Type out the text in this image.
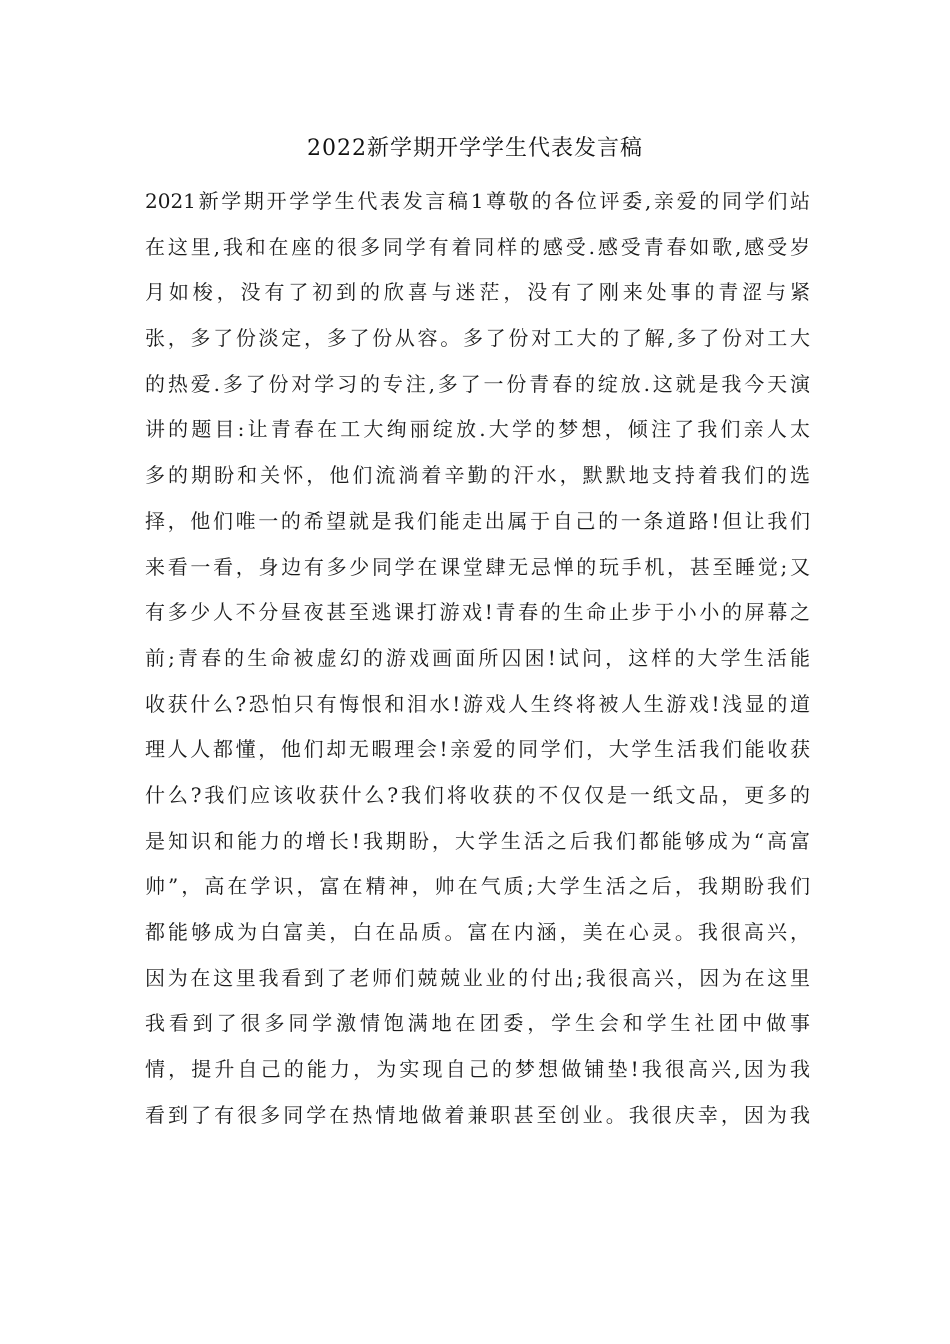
2022新学期开学学生代表发言稿
2021新学期开学学生代表发言稿1尊敬的各位评委,亲爱的同学们站
在这里,我和在座的很多同学有着同样的感受.感受青春如歌,感受岁
月如梭，没有了初到的欣喜与迷茫，没有了刚来处事的青涩与紧
张，多了份淡定，多了份从容。多了份对工大的了解,多了份对工大
的热爱.多了份对学习的专注,多了一份青春的绽放.这就是我今天演
讲的题目:让青春在工大绚丽绽放.大学的梦想，倾注了我们亲人太
多的期盼和关怀，他们流淌着辛勤的汗水，默默地支持着我们的选
择，他们唯一的希望就是我们能走出属于自己的一条道路!但让我们
来看一看，身边有多少同学在课堂肆无忌惮的玩手机，甚至睡觉;又
有多少人不分昼夜甚至逃课打游戏!青春的生命止步于小小的屏幕之
前;青春的生命被虚幻的游戏画面所囚困!试问，这样的大学生活能
收获什么?恐怕只有悔恨和泪水!游戏人生终将被人生游戏!浅显的道
理人人都懂，他们却无暇理会!亲爱的同学们，大学生活我们能收获
什么?我们应该收获什么?我们将收获的不仅仅是一纸文品，更多的
是知识和能力的增长!我期盼，大学生活之后我们都能够成为“高富
帅”，高在学识，富在精神，帅在气质;大学生活之后，我期盼我们
都能够成为白富美，白在品质。富在内涵，美在心灵。我很高兴，
因为在这里我看到了老师们兢兢业业的付出;我很高兴，因为在这里
我看到了很多同学激情饱满地在团委，学生会和学生社团中做事
情，提升自己的能力，为实现自己的梦想做铺垫!我很高兴,因为我
看到了有很多同学在热情地做着兼职甚至创业。我很庆幸，因为我
